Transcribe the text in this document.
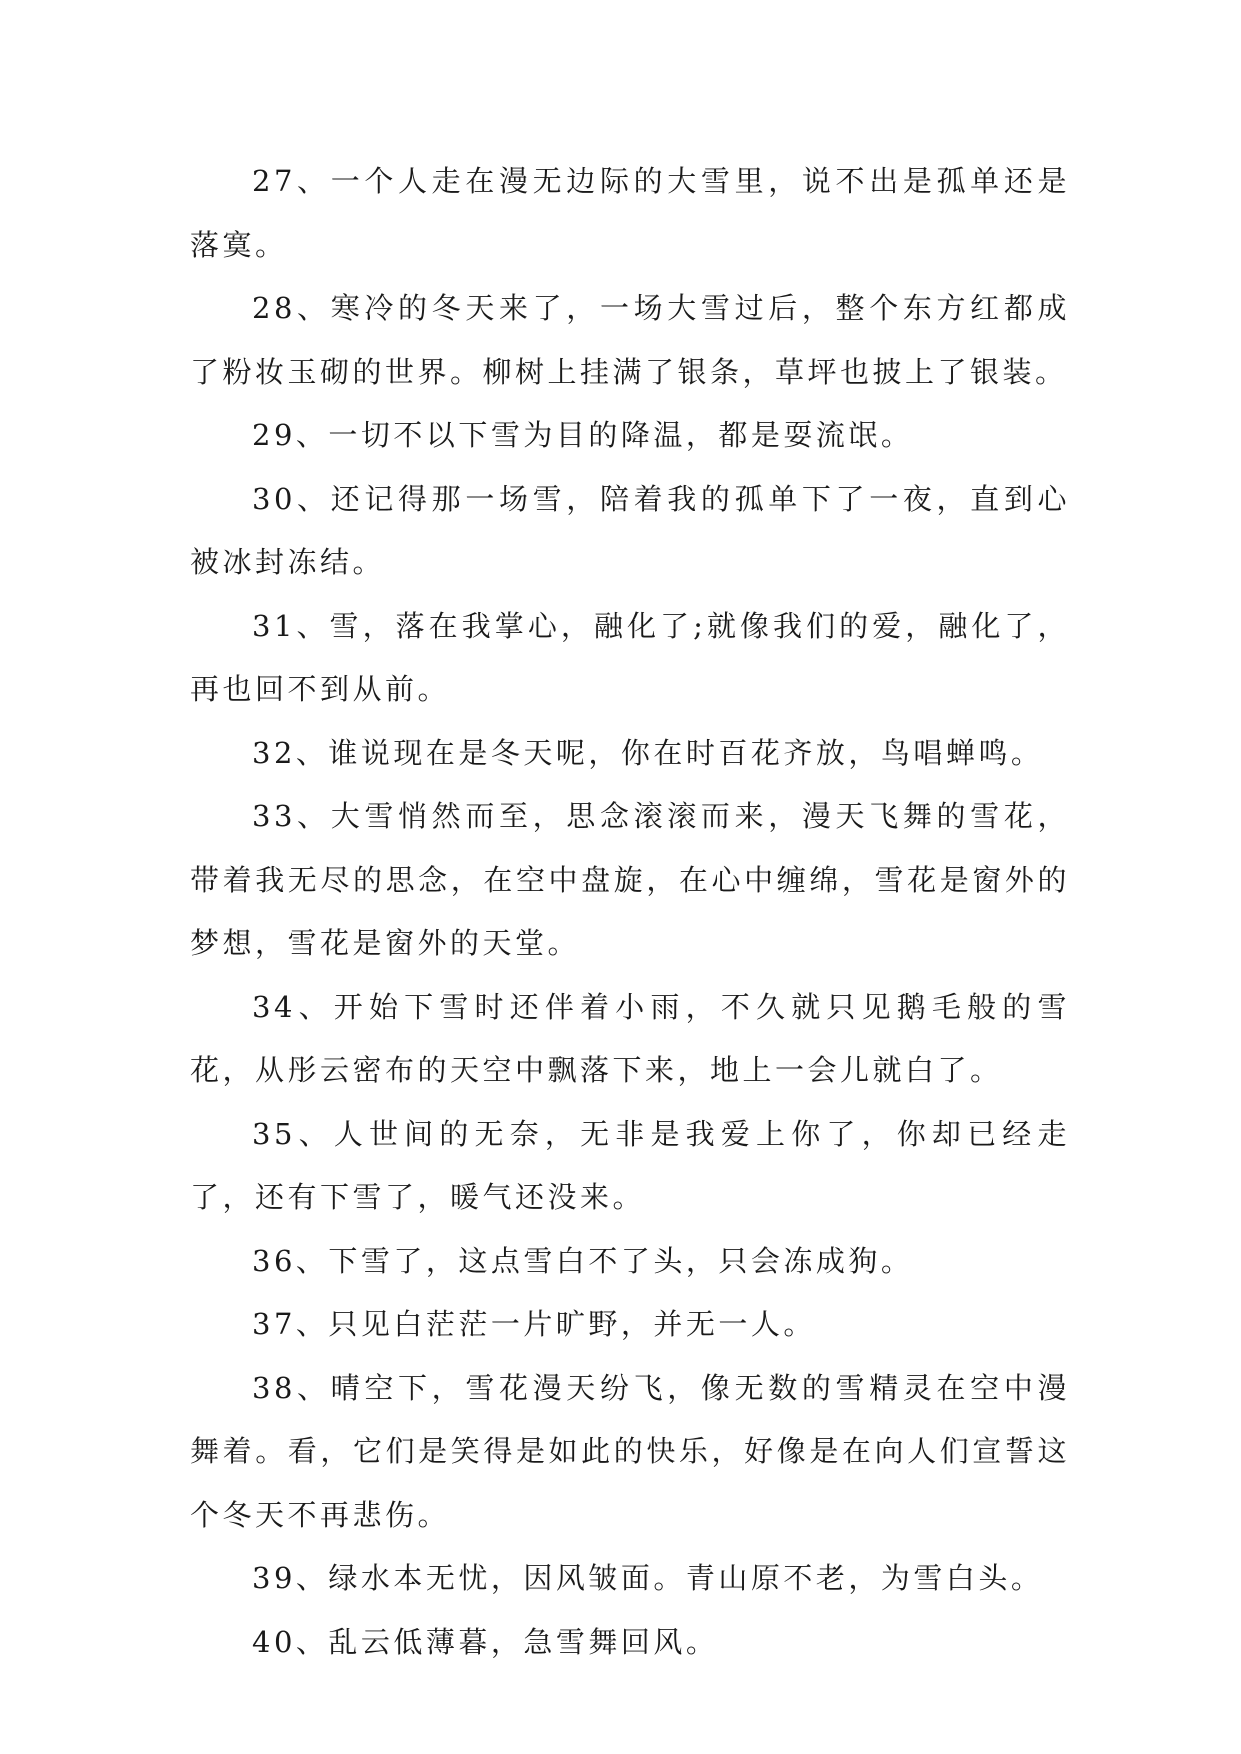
27、一个人走在漫无边际的大雪里，说不出是孤单还是落寞。

28、寒冷的冬天来了，一场大雪过后，整个东方红都成了粉妆玉砌的世界。柳树上挂满了银条，草坪也披上了银装。

29、一切不以下雪为目的降温，都是耍流氓。

30、还记得那一场雪，陪着我的孤单下了一夜，直到心被冰封冻结。

31、雪，落在我掌心，融化了;就像我们的爱，融化了，再也回不到从前。

32、谁说现在是冬天呢，你在时百花齐放，鸟唱蝉鸣。

33、大雪悄然而至，思念滚滚而来，漫天飞舞的雪花，带着我无尽的思念，在空中盘旋，在心中缠绵，雪花是窗外的梦想，雪花是窗外的天堂。

34、开始下雪时还伴着小雨，不久就只见鹅毛般的雪花，从彤云密布的天空中飘落下来，地上一会儿就白了。

35、人世间的无奈，无非是我爱上你了，你却已经走了，还有下雪了，暖气还没来。

36、下雪了，这点雪白不了头，只会冻成狗。

37、只见白茫茫一片旷野，并无一人。

38、晴空下，雪花漫天纷飞，像无数的雪精灵在空中漫舞着。看，它们是笑得是如此的快乐，好像是在向人们宣誓这个冬天不再悲伤。

39、绿水本无忧，因风皱面。青山原不老，为雪白头。

40、乱云低薄暮，急雪舞回风。
